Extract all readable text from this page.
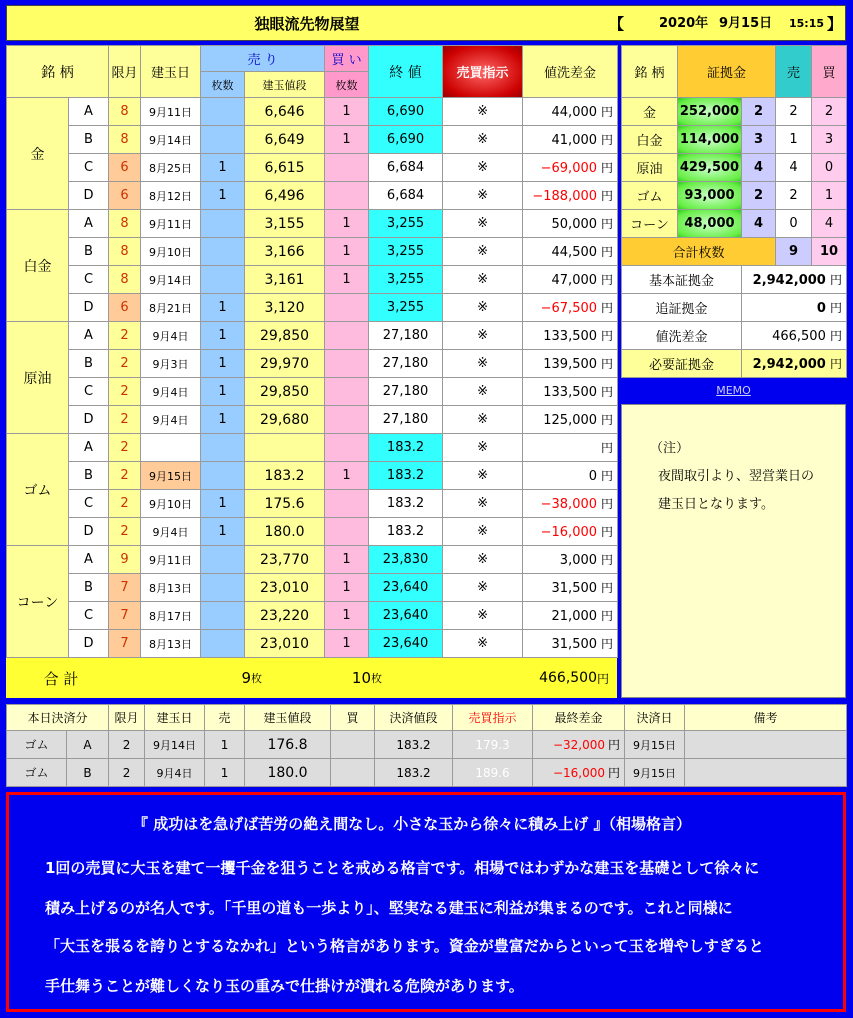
独眼流先物展望	【	2020年 9月15日 15:15 】
銘 柄		限月	建玉日	売 り		買 い	終 値	売買指示	値洗差金
				枚数	建玉値段	枚数			
金	A	8	9月11日		6,646	1	6,690	※	44,000 円
	B	8	9月14日		6,649	1	6,690	※	41,000 円
	C	6	8月25日	1	6,615		6,684	※	−69,000 円
	D	6	8月12日	1	6,496		6,684	※	−188,000 円
白金	A	8	9月11日		3,155	1	3,255	※	50,000 円
	B	8	9月10日		3,166	1	3,255	※	44,500 円
	C	8	9月14日		3,161	1	3,255	※	47,000 円
	D	6	8月21日	1	3,120		3,255	※	−67,500 円
原油	A	2	9月4日	1	29,850		27,180	※	133,500 円
	B	2	9月3日	1	29,970		27,180	※	139,500 円
	C	2	9月4日	1	29,850		27,180	※	133,500 円
	D	2	9月4日	1	29,680		27,180	※	125,000 円
ゴム	A	2					183.2	※	円
	B	2	9月15日		183.2	1	183.2	※	0 円
	C	2	9月10日	1	175.6		183.2	※	−38,000 円
	D	2	9月4日	1	180.0		183.2	※	−16,000 円
コーン	A	9	9月11日		23,770	1	23,830	※	3,000 円
	B	7	8月13日		23,010	1	23,640	※	31,500 円
	C	7	8月17日		23,220	1	23,640	※	21,000 円
	D	7	8月13日		23,010	1	23,640	※	31,500 円
合 計	9	枚	10	枚	466,500	円
銘 柄	証拠金		売	買
金	252,000	2	2	2
白金	114,000	3	1	3
原油	429,500	4	4	0
ゴム	93,000	2	2	1
コーン	48,000	4	0	4
合計枚数			9	10
基本証拠金		2,942,000 円		
追証拠金		0 円		
値洗差金		466,500 円		
必要証拠金		2,942,000 円		
MEMO
（注）
夜間取引より、翌営業日の
建玉日となります。
本日決済分		限月	建玉日	売	建玉値段	買	決済値段	売買指示	最終差金	決済日	備考
ゴム	A	2	9月14日	1	176.8		183.2	179.3	−32,000 円	9月15日	
ゴム	B	2	9月4日	1	180.0		183.2	189.6	−16,000 円	9月15日	
『 成功はを急げば苦労の絶え間なし。小さな玉から徐々に積み上げ 』（相場格言）
1回の売買に大玉を建て一攫千金を狙うことを戒める格言です。相場ではわずかな建玉を基礎として徐々に
積み上げるのが名人です。「千里の道も一歩より」、堅実なる建玉に利益が集まるのです。これと同様に
「大玉を張るを誇りとするなかれ」という格言があります。資金が豊富だからといって玉を増やしすぎると
手仕舞うことが難しくなり玉の重みで仕掛けが潰れる危険があります。
